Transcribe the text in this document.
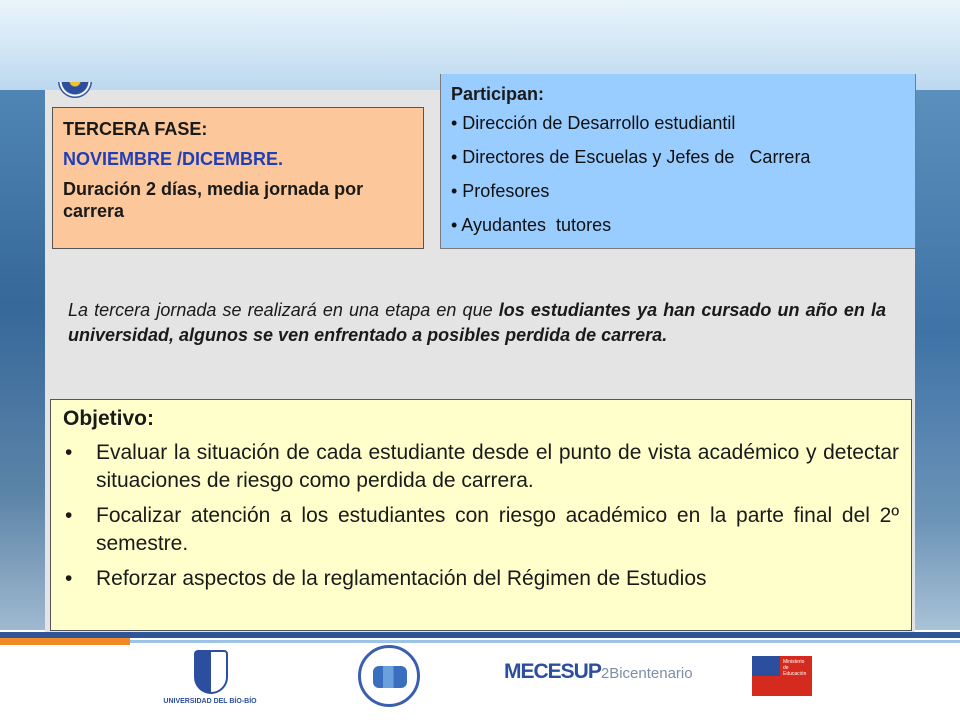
TERCERA FASE:

NOVIEMBRE /DICEMBRE.

Duración 2 días, media jornada por carrera

Participan:

• Dirección de Desarrollo estudiantil
• Directores de Escuelas y Jefes de   Carrera
• Profesores
• Ayudantes  tutores

La tercera jornada se realizará en una etapa en que los estudiantes ya han cursado un año en la universidad, algunos se ven enfrentado a posibles perdida de carrera.

Objetivo:

• Evaluar la situación de cada estudiante desde el punto de vista académico y detectar situaciones de riesgo como perdida de carrera.
• Focalizar atención a los estudiantes con riesgo académico en la parte final del 2º semestre.
• Reforzar aspectos de la reglamentación del Régimen de Estudios
UNIVERSIDAD DEL BÍO-BÍO
MECESUP2Bicentenario
Ministerio de Educación
